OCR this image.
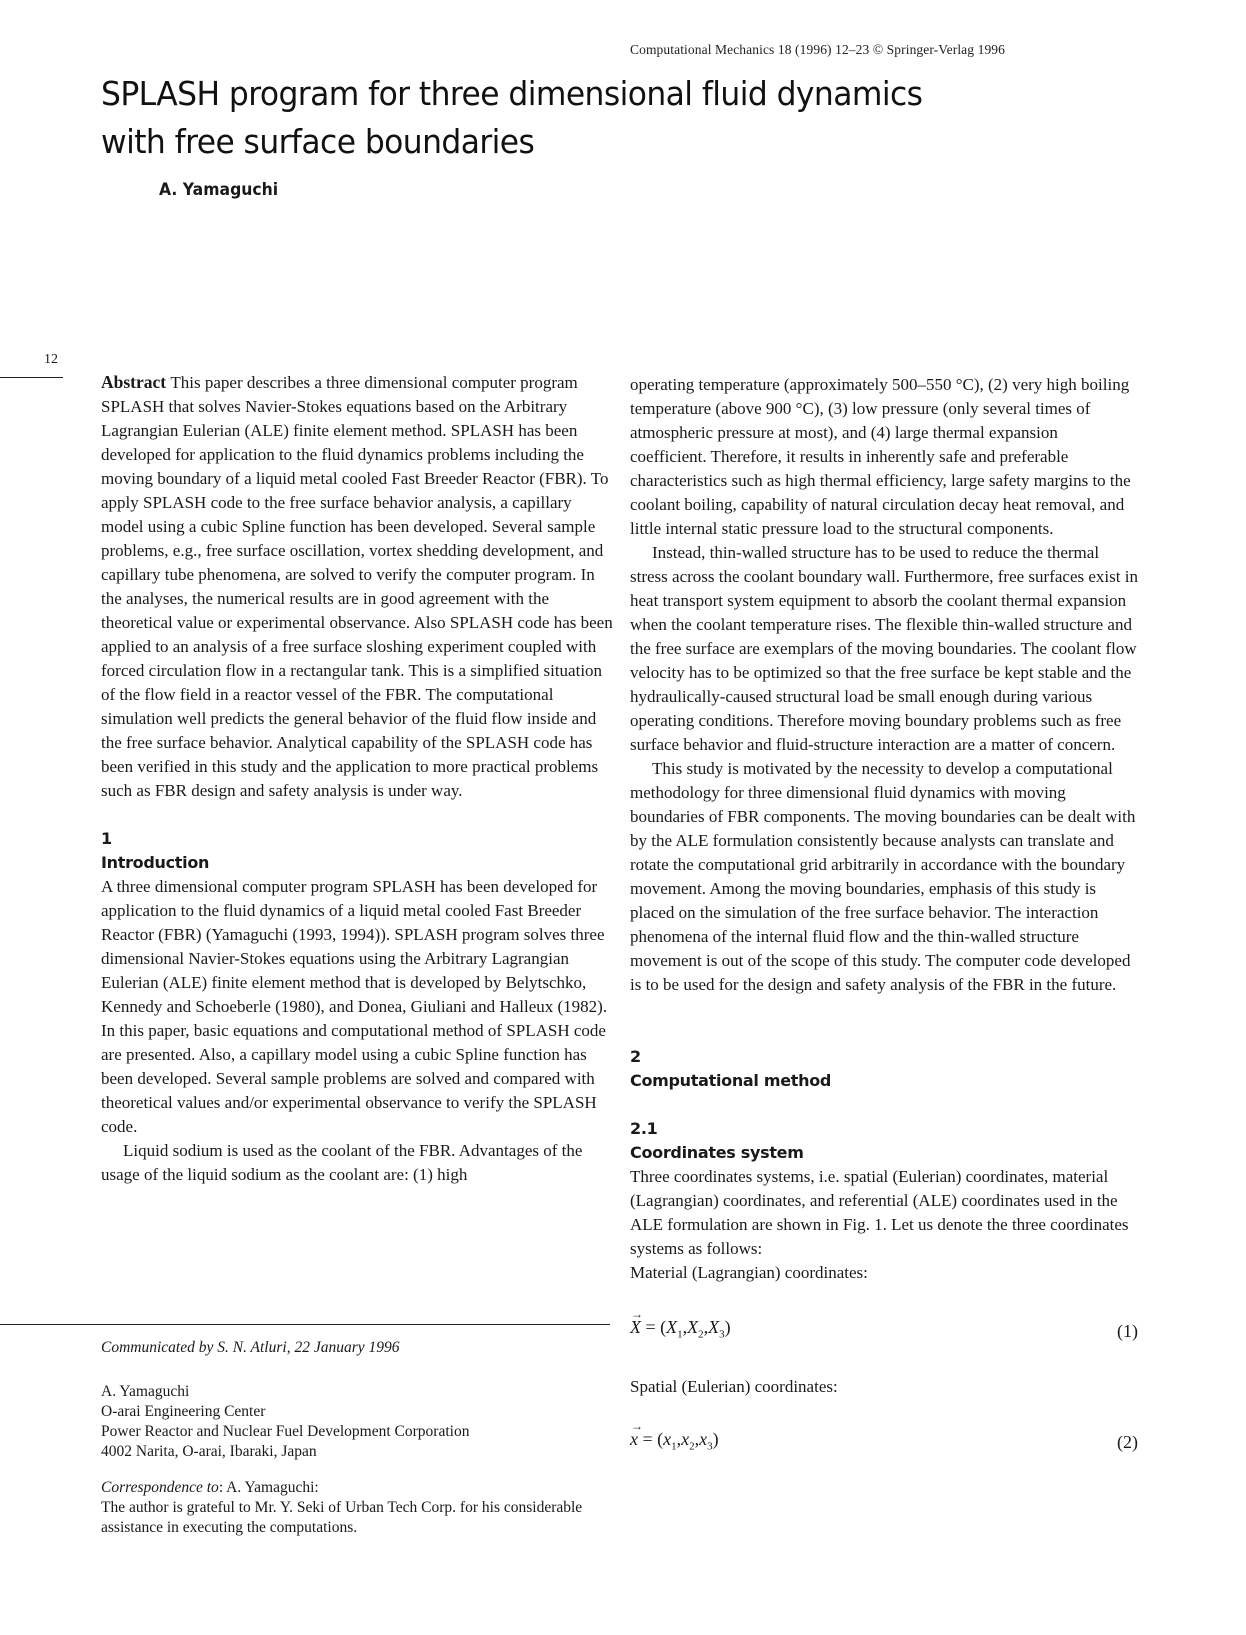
Computational Mechanics 18 (1996) 12–23 © Springer-Verlag 1996
SPLASH program for three dimensional fluid dynamics with free surface boundaries
A. Yamaguchi
12

Abstract This paper describes a three dimensional computer program SPLASH that solves Navier-Stokes equations based on the Arbitrary Lagrangian Eulerian (ALE) finite element method. SPLASH has been developed for application to the fluid dynamics problems including the moving boundary of a liquid metal cooled Fast Breeder Reactor (FBR). To apply SPLASH code to the free surface behavior analysis, a capillary model using a cubic Spline function has been developed. Several sample problems, e.g., free surface oscillation, vortex shedding development, and capillary tube phenomena, are solved to verify the computer program. In the analyses, the numerical results are in good agreement with the theoretical value or experimental observance. Also SPLASH code has been applied to an analysis of a free surface sloshing experiment coupled with forced circulation flow in a rectangular tank. This is a simplified situation of the flow field in a reactor vessel of the FBR. The computational simulation well predicts the general behavior of the fluid flow inside and the free surface behavior. Analytical capability of the SPLASH code has been verified in this study and the application to more practical problems such as FBR design and safety analysis is under way.

1
Introduction

A three dimensional computer program SPLASH has been developed for application to the fluid dynamics of a liquid metal cooled Fast Breeder Reactor (FBR) (Yamaguchi (1993, 1994)). SPLASH program solves three dimensional Navier-Stokes equations using the Arbitrary Lagrangian Eulerian (ALE) finite element method that is developed by Belytschko, Kennedy and Schoeberle (1980), and Donea, Giuliani and Halleux (1982). In this paper, basic equations and computational method of SPLASH code are presented. Also, a capillary model using a cubic Spline function has been developed. Several sample problems are solved and compared with theoretical values and/or experimental observance to verify the SPLASH code.

Liquid sodium is used as the coolant of the FBR. Advantages of the usage of the liquid sodium as the coolant are: (1) high

Communicated by S. N. Atluri, 22 January 1996
A. Yamaguchi
O-arai Engineering Center
Power Reactor and Nuclear Fuel Development Corporation
4002 Narita, O-arai, Ibaraki, Japan
Correspondence to: A. Yamaguchi:
The author is grateful to Mr. Y. Seki of Urban Tech Corp. for his considerable assistance in executing the computations.

operating temperature (approximately 500–550 °C), (2) very high boiling temperature (above 900 °C), (3) low pressure (only several times of atmospheric pressure at most), and (4) large thermal expansion coefficient. Therefore, it results in inherently safe and preferable characteristics such as high thermal efficiency, large safety margins to the coolant boiling, capability of natural circulation decay heat removal, and little internal static pressure load to the structural components.

Instead, thin-walled structure has to be used to reduce the thermal stress across the coolant boundary wall. Furthermore, free surfaces exist in heat transport system equipment to absorb the coolant thermal expansion when the coolant temperature rises. The flexible thin-walled structure and the free surface are exemplars of the moving boundaries. The coolant flow velocity has to be optimized so that the free surface be kept stable and the hydraulically-caused structural load be small enough during various operating conditions. Therefore moving boundary problems such as free surface behavior and fluid-structure interaction are a matter of concern.

This study is motivated by the necessity to develop a computational methodology for three dimensional fluid dynamics with moving boundaries of FBR components. The moving boundaries can be dealt with by the ALE formulation consistently because analysts can translate and rotate the computational grid arbitrarily in accordance with the boundary movement. Among the moving boundaries, emphasis of this study is placed on the simulation of the free surface behavior. The interaction phenomena of the internal fluid flow and the thin-walled structure movement is out of the scope of this study. The computer code developed is to be used for the design and safety analysis of the FBR in the future.

2
Computational method
2.1
Coordinates system

Three coordinates systems, i.e. spatial (Eulerian) coordinates, material (Lagrangian) coordinates, and referential (ALE) coordinates used in the ALE formulation are shown in Fig. 1. Let us denote the three coordinates systems as follows:

Material (Lagrangian) coordinates:

→ $X = (X_1,X_2,X_3)$	(1)

Spatial (Eulerian) coordinates:

→ $x = (x_1,x_2,x_3)$	(2)
